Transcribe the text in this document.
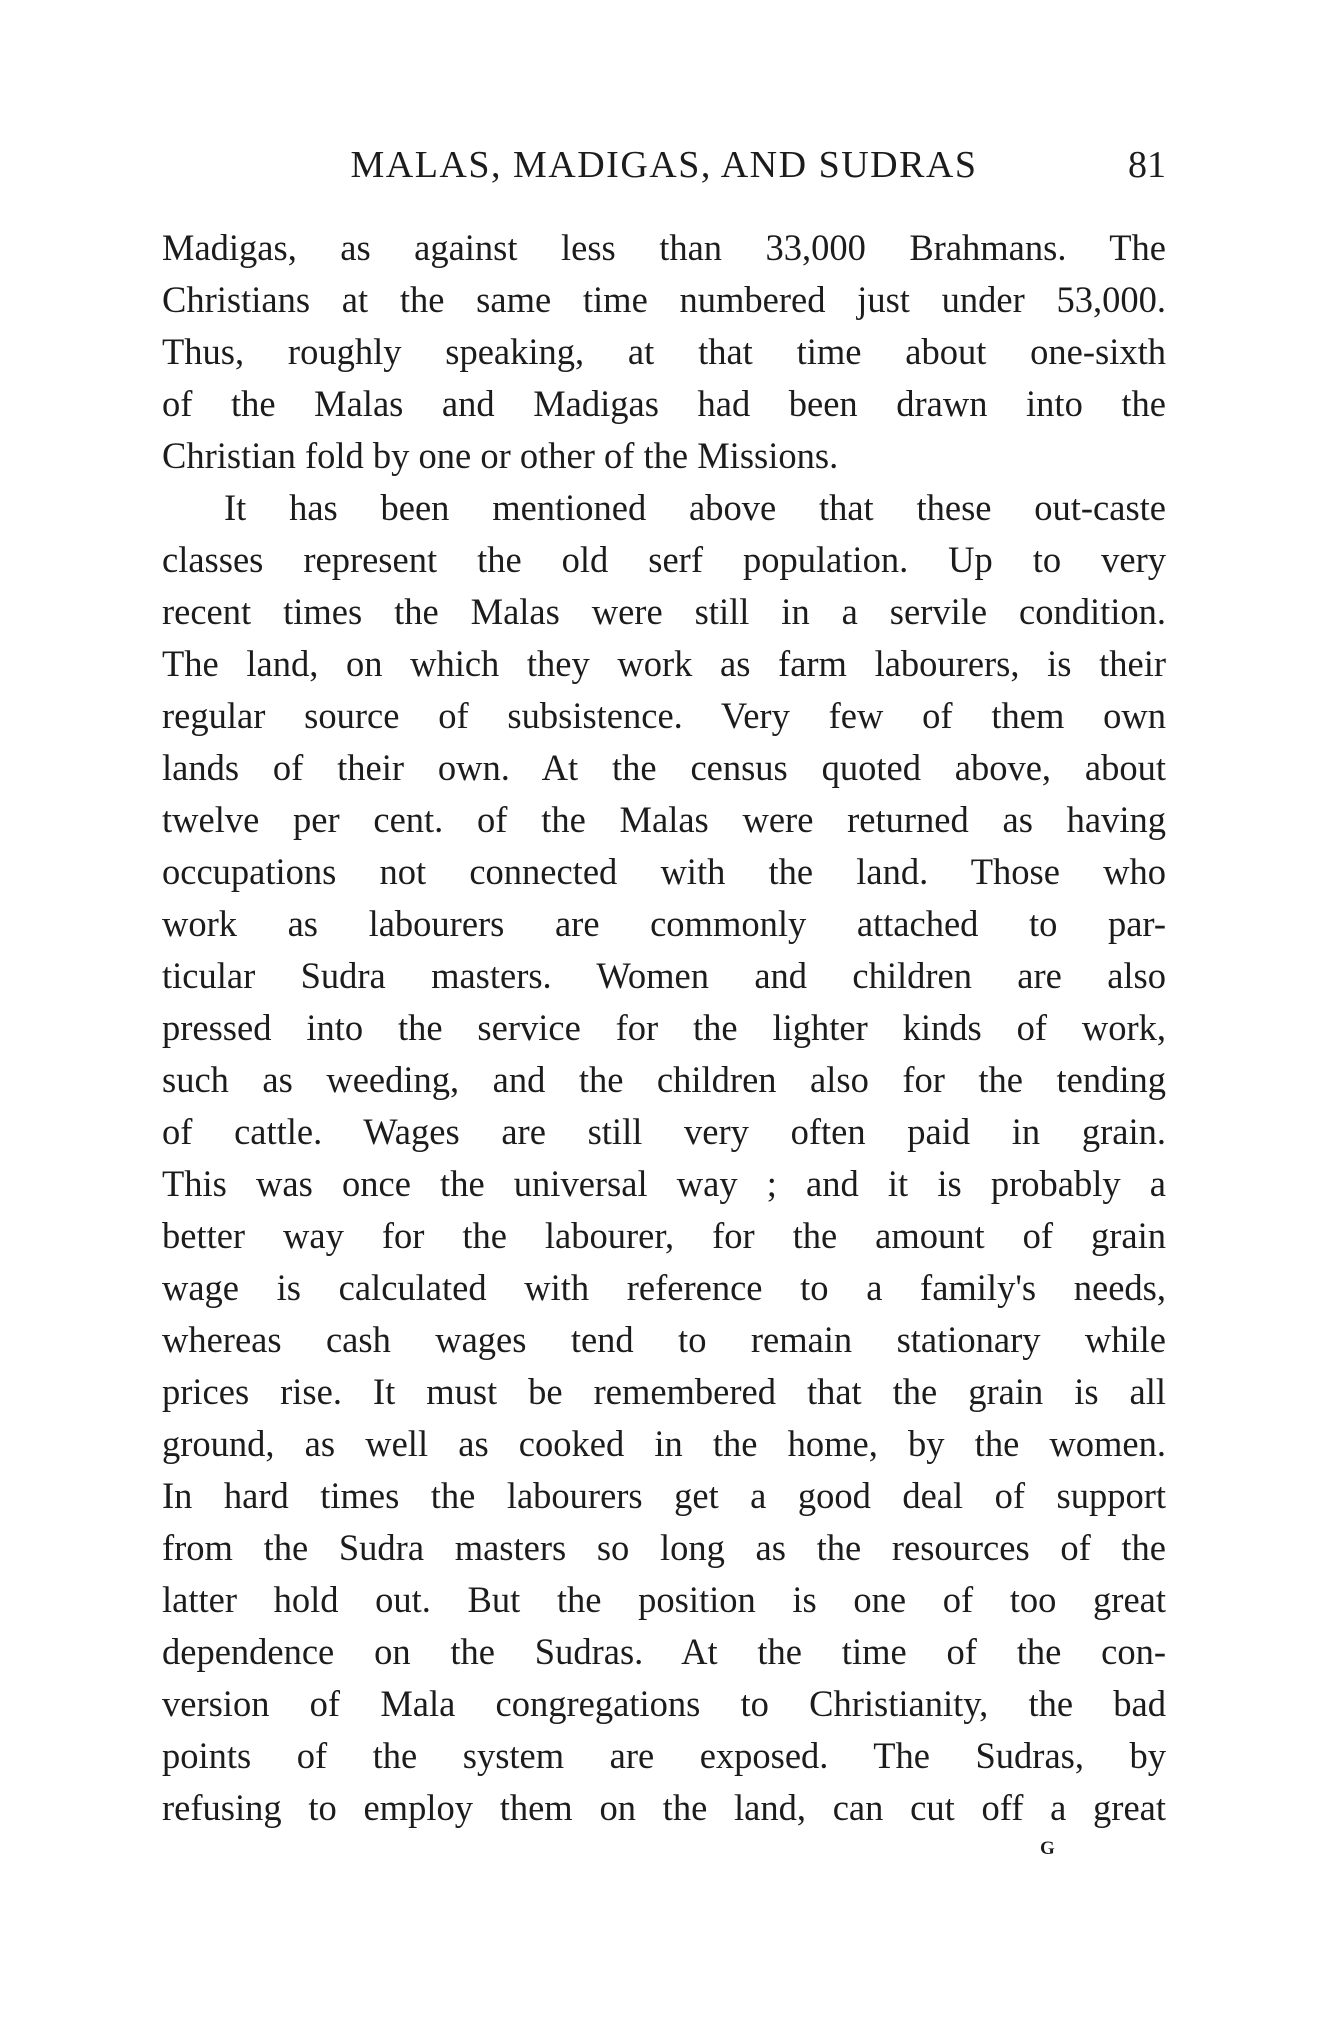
MALAS, MADIGAS, AND SUDRAS	81
Madigas, as against less than 33,000 Brahmans. The
Christians at the same time numbered just under 53,000.
Thus, roughly speaking, at that time about one-sixth
of the Malas and Madigas had been drawn into the
Christian fold by one or other of the Missions.
It has been mentioned above that these out-caste
classes represent the old serf population. Up to very
recent times the Malas were still in a servile condition.
The land, on which they work as farm labourers, is their
regular source of subsistence. Very few of them own
lands of their own. At the census quoted above, about
twelve per cent. of the Malas were returned as having
occupations not connected with the land. Those who
work as labourers are commonly attached to par-
ticular Sudra masters. Women and children are also
pressed into the service for the lighter kinds of work,
such as weeding, and the children also for the tending
of cattle. Wages are still very often paid in grain.
This was once the universal way ; and it is probably a
better way for the labourer, for the amount of grain
wage is calculated with reference to a family's needs,
whereas cash wages tend to remain stationary while
prices rise. It must be remembered that the grain is all
ground, as well as cooked in the home, by the women.
In hard times the labourers get a good deal of support
from the Sudra masters so long as the resources of the
latter hold out. But the position is one of too great
dependence on the Sudras. At the time of the con-
version of Mala congregations to Christianity, the bad
points of the system are exposed. The Sudras, by
refusing to employ them on the land, can cut off a great
G
